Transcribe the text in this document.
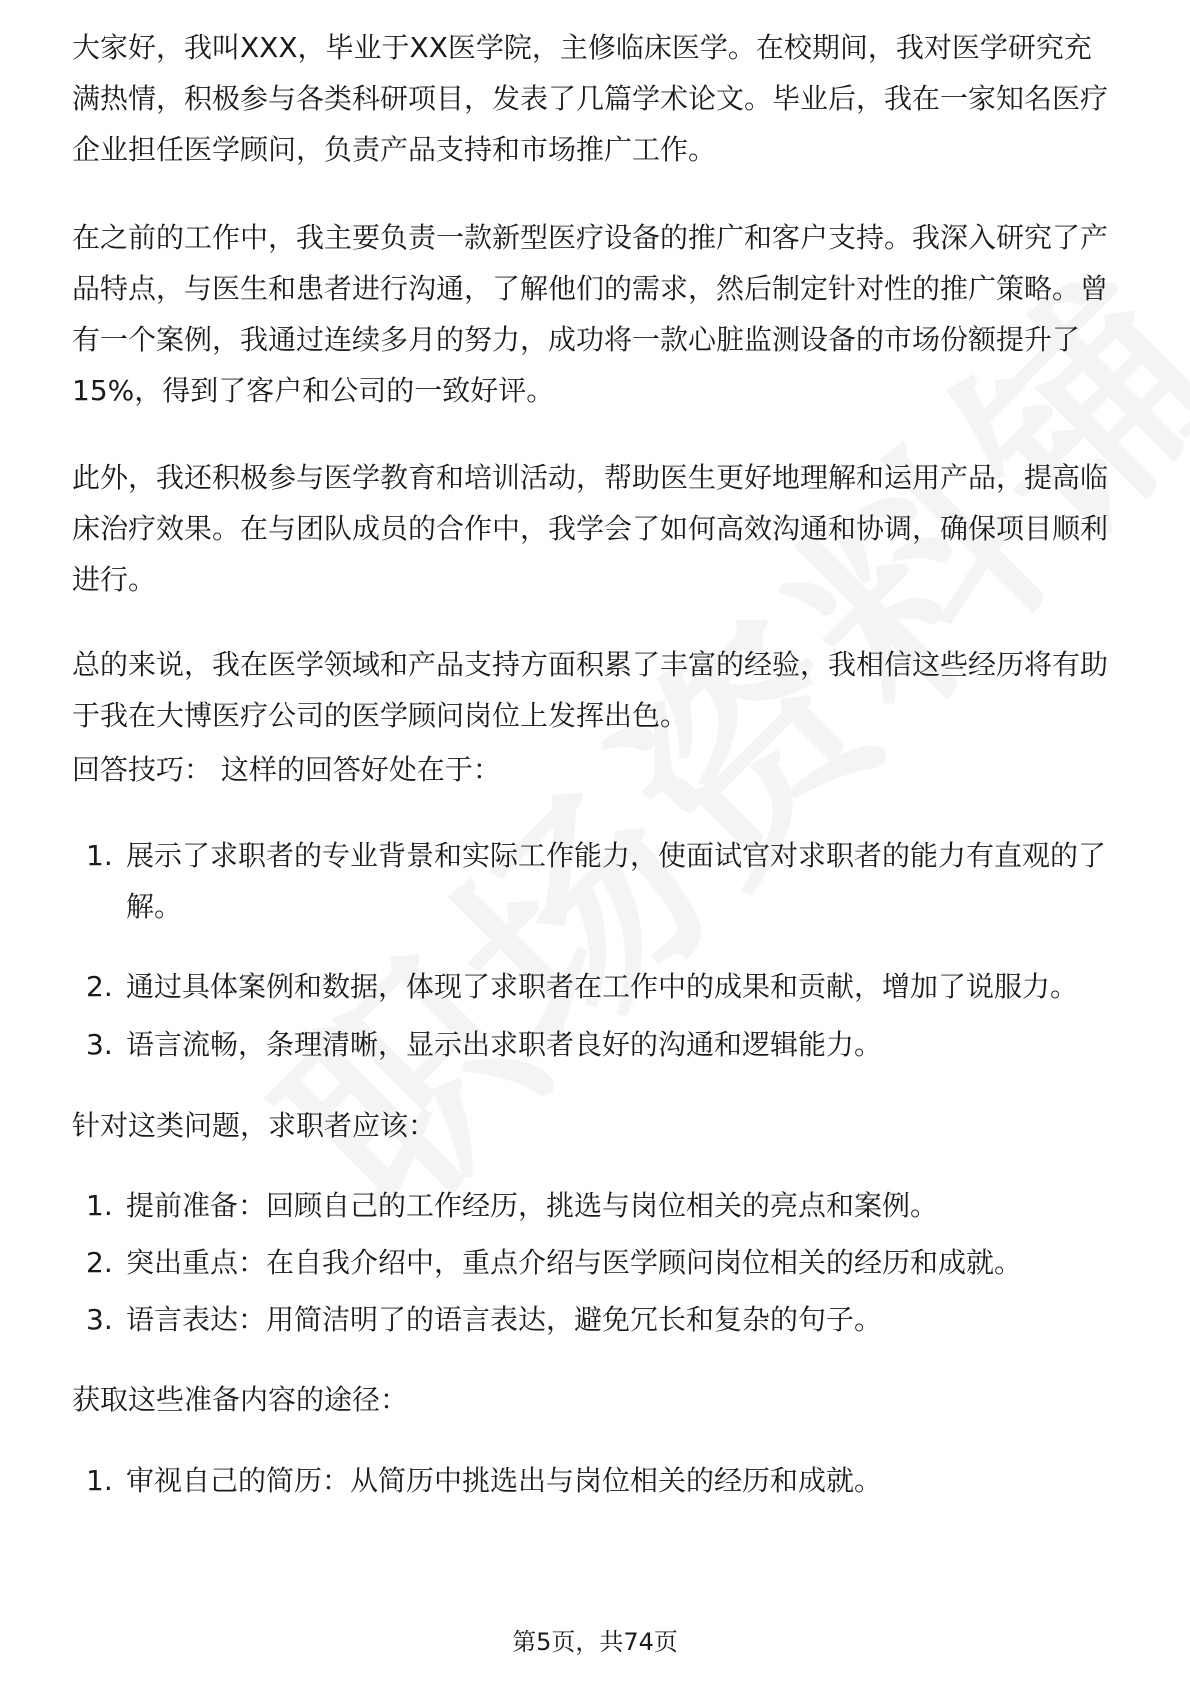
大家好，我叫XXX，毕业于XX医学院，主修临床医学。在校期间，我对医学研究充满热情，积极参与各类科研项目，发表了几篇学术论文。毕业后，我在一家知名医疗企业担任医学顾问，负责产品支持和市场推广工作。

在之前的工作中，我主要负责一款新型医疗设备的推广和客户支持。我深入研究了产品特点，与医生和患者进行沟通，了解他们的需求，然后制定针对性的推广策略。曾有一个案例，我通过连续多月的努力，成功将一款心脏监测设备的市场份额提升了15%，得到了客户和公司的一致好评。

此外，我还积极参与医学教育和培训活动，帮助医生更好地理解和运用产品，提高临床治疗效果。在与团队成员的合作中，我学会了如何高效沟通和协调，确保项目顺利进行。

总的来说，我在医学领域和产品支持方面积累了丰富的经验，我相信这些经历将有助于我在大博医疗公司的医学顾问岗位上发挥出色。

回答技巧： 这样的回答好处在于：

1. 展示了求职者的专业背景和实际工作能力，使面试官对求职者的能力有直观的了解。
2. 通过具体案例和数据，体现了求职者在工作中的成果和贡献，增加了说服力。
3. 语言流畅，条理清晰，显示出求职者良好的沟通和逻辑能力。

针对这类问题，求职者应该：

1. 提前准备：回顾自己的工作经历，挑选与岗位相关的亮点和案例。
2. 突出重点：在自我介绍中，重点介绍与医学顾问岗位相关的经历和成就。
3. 语言表达：用简洁明了的语言表达，避免冗长和复杂的句子。

获取这些准备内容的途径：

1. 审视自己的简历：从简历中挑选出与岗位相关的经历和成就。
第5页，共74页
